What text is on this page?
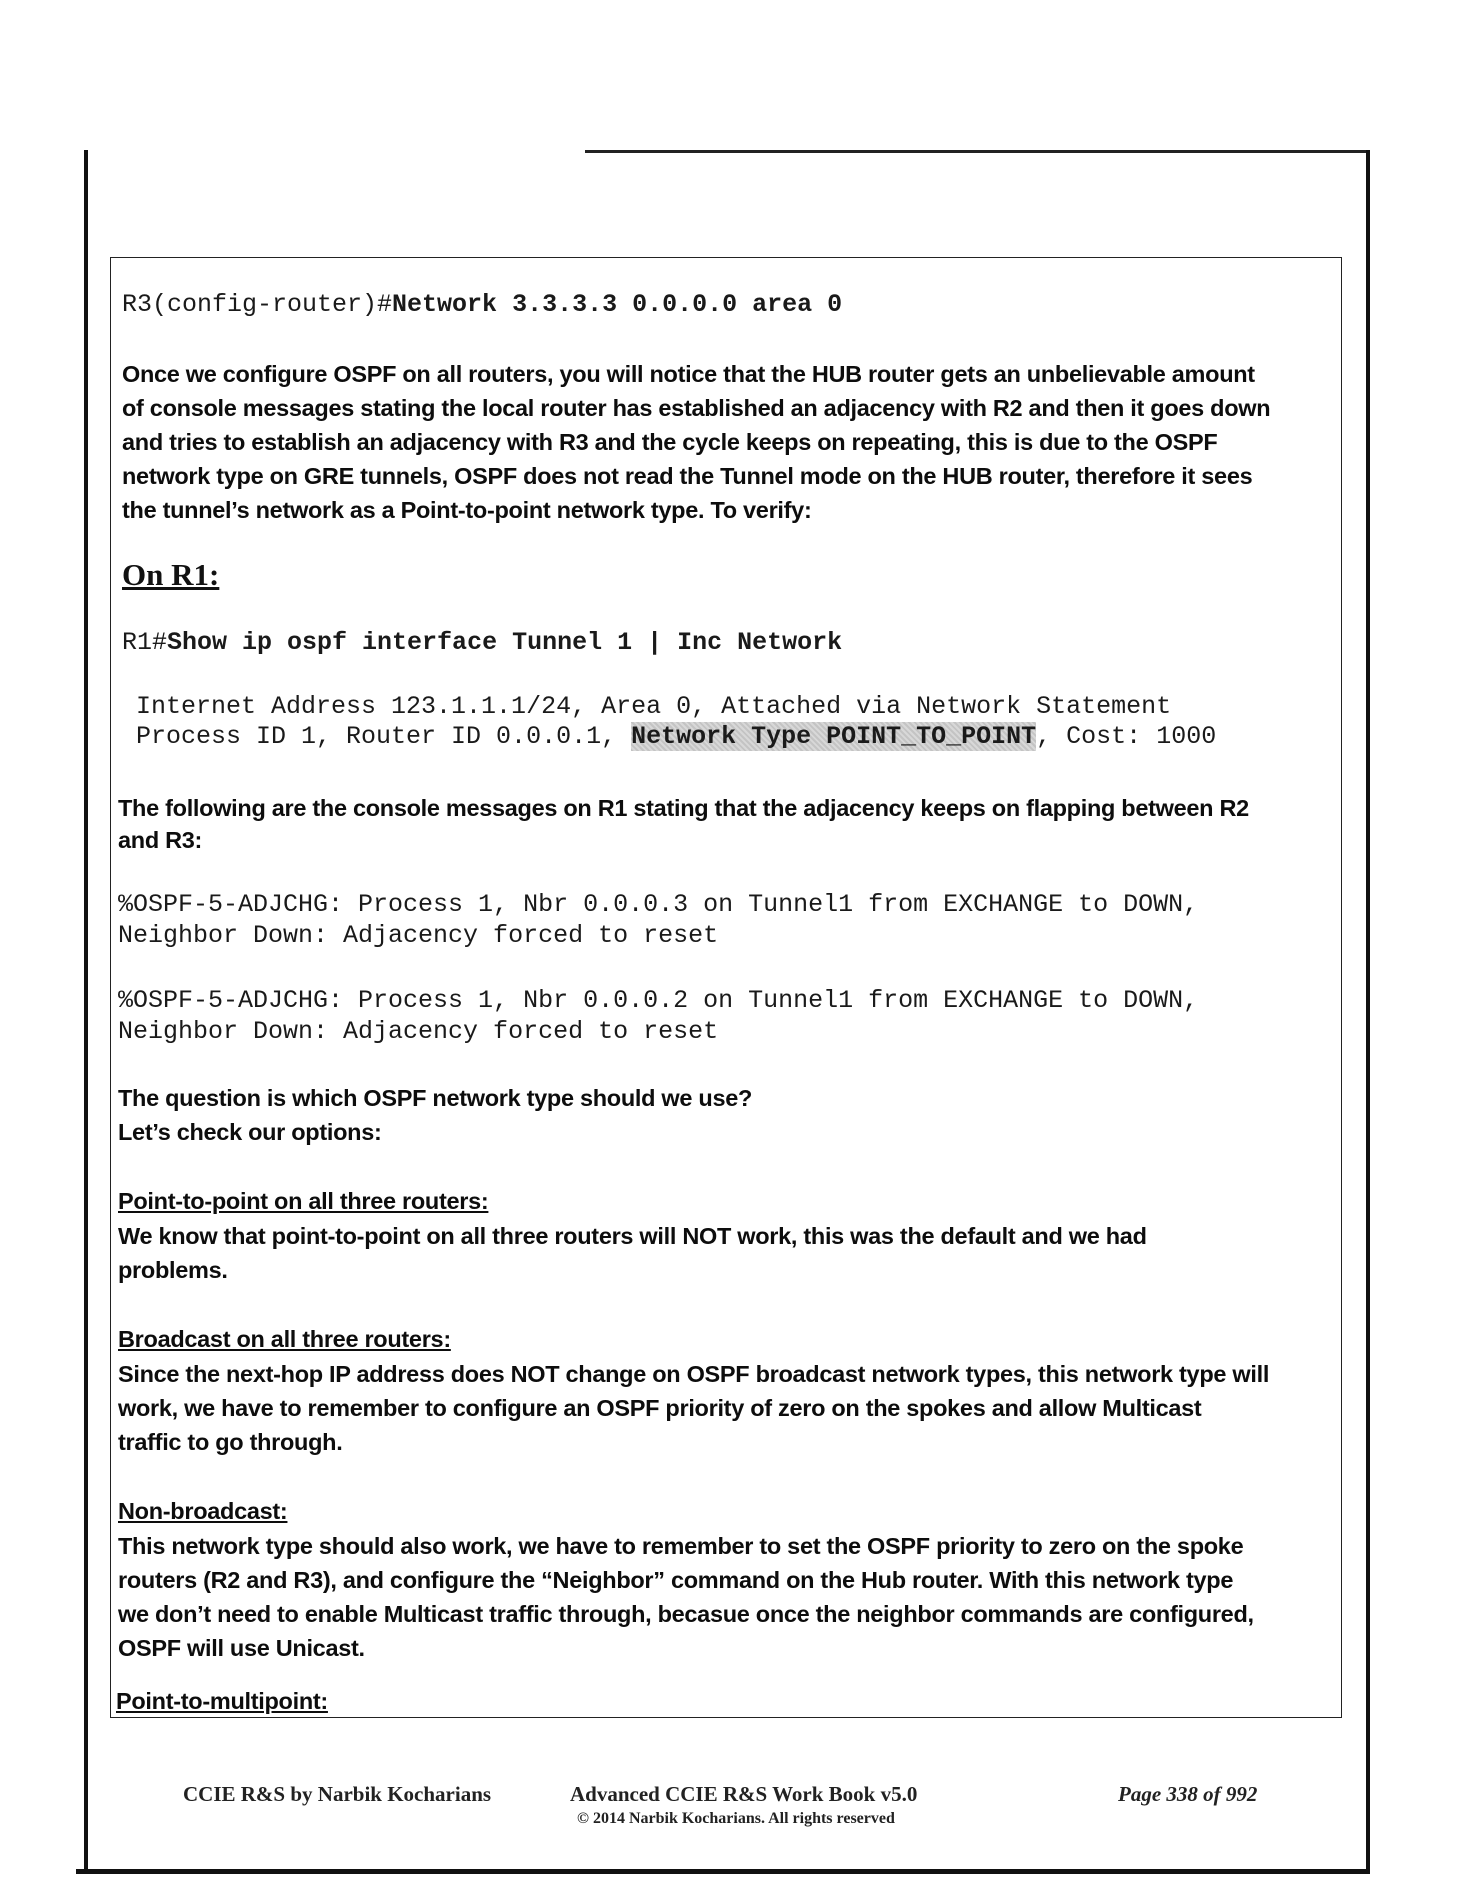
R3(config-router)#Network 3.3.3.3 0.0.0.0 area 0
Once we configure OSPF on all routers, you will notice that the HUB router gets an unbelievable amount
of console messages stating the local router has established an adjacency with R2 and then it goes down
and tries to establish an adjacency with R3 and the cycle keeps on repeating, this is due to the OSPF
network type on GRE tunnels, OSPF does not read the Tunnel mode on the HUB router, therefore it sees
the tunnel’s network as a Point-to-point network type. To verify:
On R1:
R1#Show ip ospf interface Tunnel 1 | Inc Network
Internet Address 123.1.1.1/24, Area 0, Attached via Network Statement
Process ID 1, Router ID 0.0.0.1, Network Type POINT_TO_POINT, Cost: 1000
The following are the console messages on R1 stating that the adjacency keeps on flapping between R2
and R3:
%OSPF-5-ADJCHG: Process 1, Nbr 0.0.0.3 on Tunnel1 from EXCHANGE to DOWN,
Neighbor Down: Adjacency forced to reset
%OSPF-5-ADJCHG: Process 1, Nbr 0.0.0.2 on Tunnel1 from EXCHANGE to DOWN,
Neighbor Down: Adjacency forced to reset
The question is which OSPF network type should we use?
Let’s check our options:
Point-to-point on all three routers:
We know that point-to-point on all three routers will NOT work, this was the default and we had
problems.
Broadcast on all three routers:
Since the next-hop IP address does NOT change on OSPF broadcast network types, this network type will
work, we have to remember to configure an OSPF priority of zero on the spokes and allow Multicast
traffic to go through.
Non-broadcast:
This network type should also work, we have to remember to set the OSPF priority to zero on the spoke
routers (R2 and R3), and configure the “Neighbor” command on the Hub router. With this network type
we don’t need to enable Multicast traffic through, becasue once the neighbor commands are configured,
OSPF will use Unicast.
Point-to-multipoint:
CCIE R&S by Narbik Kocharians	Advanced CCIE R&S Work Book v5.0
© 2014 Narbik Kocharians. All rights reserved
Page 338 of 992
